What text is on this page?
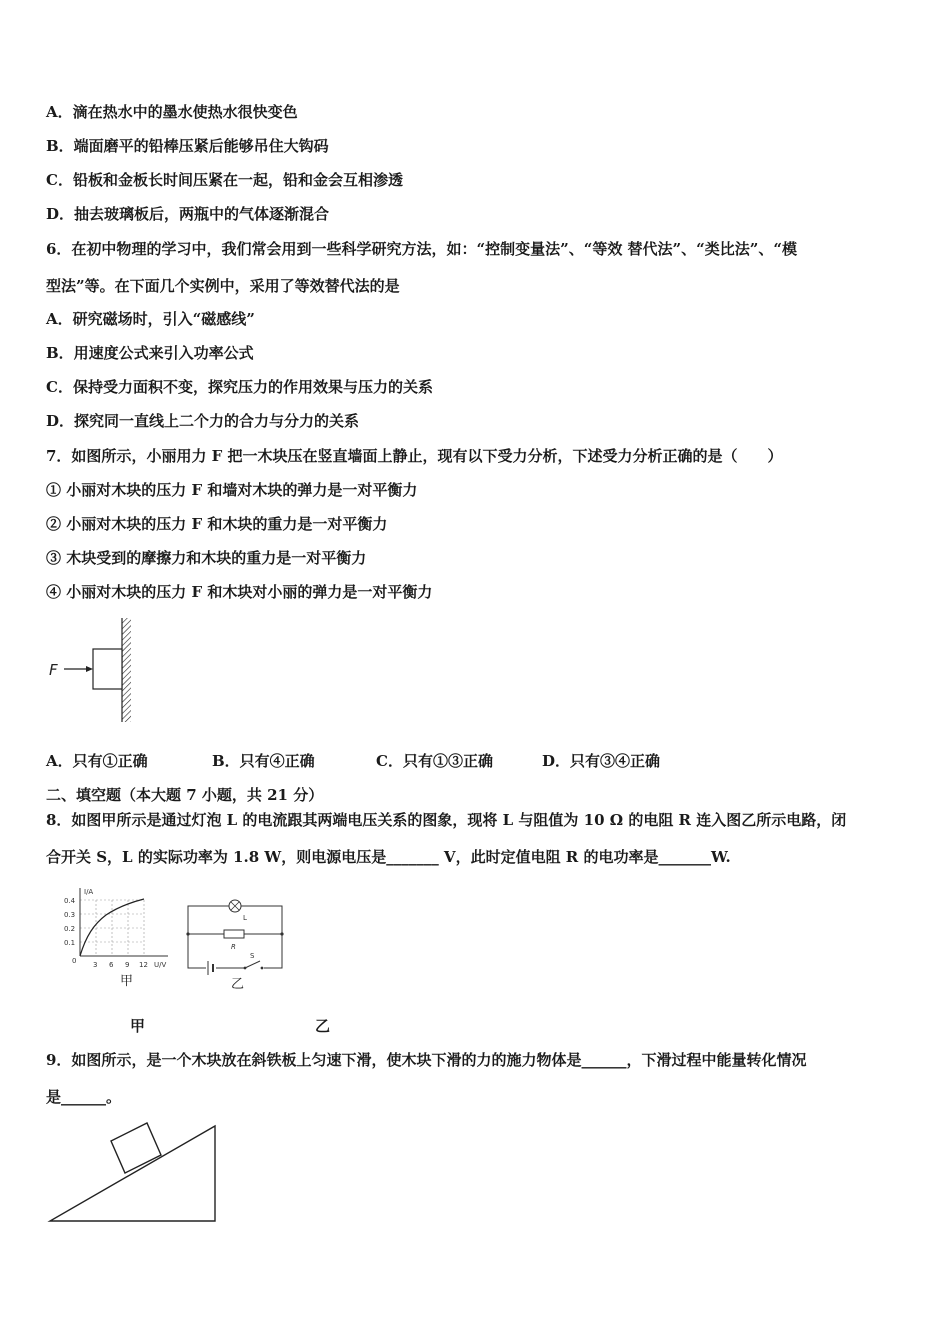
A．滴在热水中的墨水使热水很快变色
B．端面磨平的铅棒压紧后能够吊住大钩码
C．铅板和金板长时间压紧在一起，铅和金会互相渗透
D．抽去玻璃板后，两瓶中的气体逐渐混合
6．在初中物理的学习中，我们常会用到一些科学研究方法，如：“控制变量法”、“等效 替代法”、“类比法”、“模
型法”等。在下面几个实例中，采用了等效替代法的是
A．研究磁场时，引入“磁感线”
B．用速度公式来引入功率公式
C．保持受力面积不变，探究压力的作用效果与压力的关系
D．探究同一直线上二个力的合力与分力的关系
7．如图所示，小丽用力 F 把一木块压在竖直墙面上静止，现有以下受力分析，下述受力分析正确的是（　　）
① 小丽对木块的压力 F 和墙对木块的弹力是一对平衡力
② 小丽对木块的压力 F 和木块的重力是一对平衡力
③ 木块受到的摩擦力和木块的重力是一对平衡力
④ 小丽对木块的压力 F 和木块对小丽的弹力是一对平衡力
F
A．只有①正确	B．只有④正确	C．只有①③正确	D．只有③④正确
二、填空题（本大题 7 小题，共 21 分）
8．如图甲所示是通过灯泡 L 的电流跟其两端电压关系的图象，现将 L 与阻值为 10 Ω 的电阻 R 连入图乙所示电路，闭
合开关 S，L 的实际功率为 1.8 W，则电源电压是_______ V，此时定值电阻 R 的电功率是_______W.
I/A
U/V
0.4
0.3
0.2
0.1
0 3 6 9 12
甲
L
R
S
乙
甲	乙
9．如图所示，是一个木块放在斜铁板上匀速下滑，使木块下滑的力的施力物体是______，下滑过程中能量转化情况
是______。
